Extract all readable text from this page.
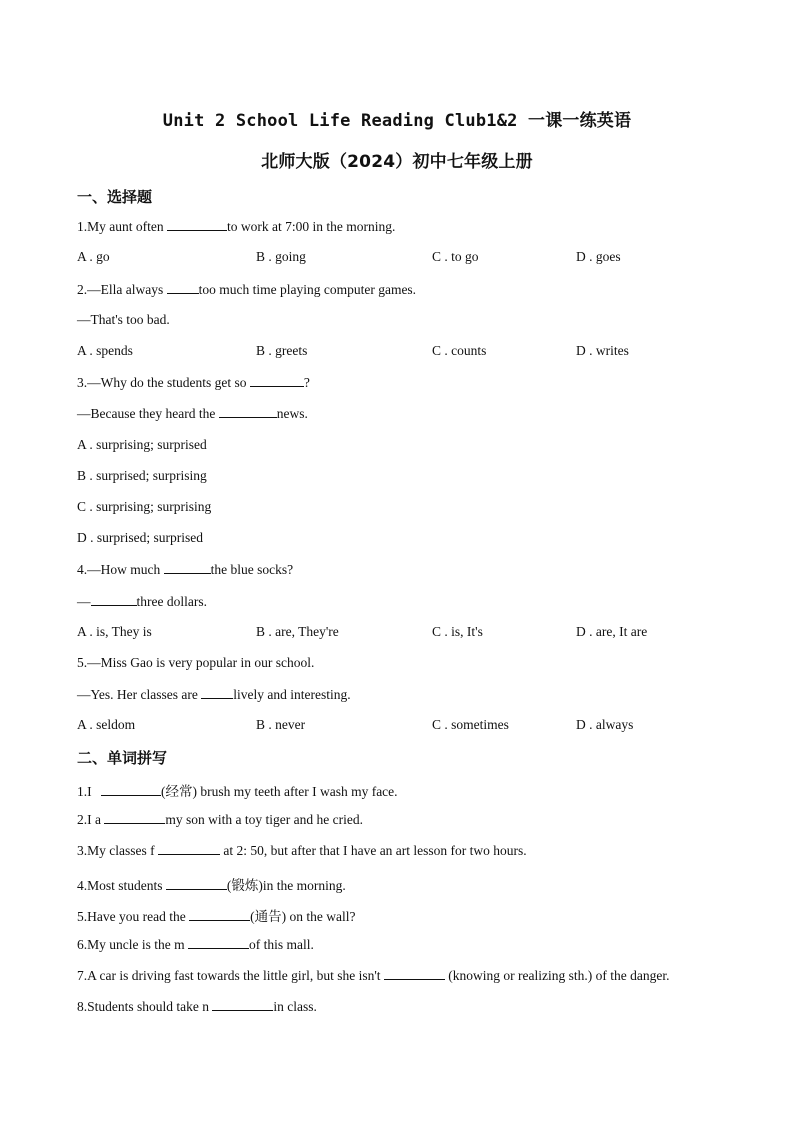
Unit 2 School Life Reading Club1&2 一课一练英语
北师大版（2024）初中七年级上册
一、选择题
1.My aunt often	to work at 7:00 in the morning.
A . go	B . going	C . to go	D . goes
2.—Ella always too much time playing computer games.
—That's too bad.
A . spends	B . greets	C . counts	D . writes
3.—Why do the students get so	?
—Because they heard the	news.
A . surprising; surprised
B . surprised; surprising
C . surprising; surprising
D . surprised; surprised
4.—How much	the blue socks?
—	three dollars.
A . is, They is	B . are, They're	C . is, It's	D . are, It are
5.—Miss Gao is very popular in our school.
—Yes. Her classes are lively and interesting.
A . seldom	B . never	C . sometimes	D . always
二、单词拼写
1.I	(经常) brush my teeth after I wash my face.
2.I a	my son with a toy tiger and he cried.
3.My classes f	at 2: 50, but after that I have an art lesson for two hours.
4.Most students	(锻炼)in the morning.
5.Have you read the	(通告) on the wall?
6.My uncle is the m	of this mall.
7.A car is driving fast towards the little girl, but she isn't	(knowing or realizing sth.) of the danger.
8.Students should take n	in class.
